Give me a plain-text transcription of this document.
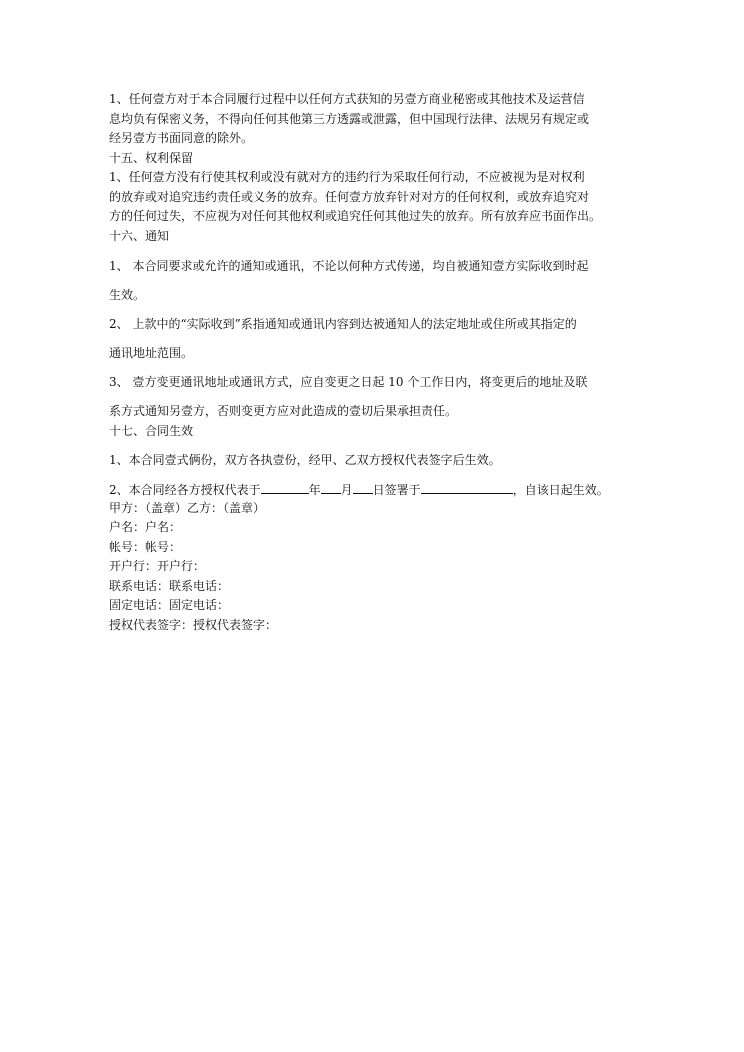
1、任何壹方对于本合同履行过程中以任何方式获知的另壹方商业秘密或其他技术及运营信

息均负有保密义务，不得向任何其他第三方透露或泄露，但中国现行法律、法规另有规定或

经另壹方书面同意的除外。

十五、权利保留

1、任何壹方没有行使其权利或没有就对方的违约行为采取任何行动，不应被视为是对权利

的放弃或对追究违约责任或义务的放弃。任何壹方放弃针对对方的任何权利，或放弃追究对

方的任何过失，不应视为对任何其他权利或追究任何其他过失的放弃。所有放弃应书面作出。

十六、通知

1、 本合同要求或允许的通知或通讯，不论以何种方式传递，均自被通知壹方实际收到时起

生效。

2、 上款中的“实际收到”系指通知或通讯内容到达被通知人的法定地址或住所或其指定的

通讯地址范围。

3、 壹方变更通讯地址或通讯方式，应自变更之日起 10 个工作日内，将变更后的地址及联

系方式通知另壹方，否则变更方应对此造成的壹切后果承担责任。

十七、合同生效

1、本合同壹式俩份，双方各执壹份，经甲、乙双方授权代表签字后生效。

2、本合同经各方授权代表于	年 月 日签署于	，自该日起生效。

甲方：（盖章）乙方：（盖章）

户名：户名：

帐号：帐号：

开户行：开户行：

联系电话：联系电话：

固定电话：固定电话：

授权代表签字：授权代表签字：
